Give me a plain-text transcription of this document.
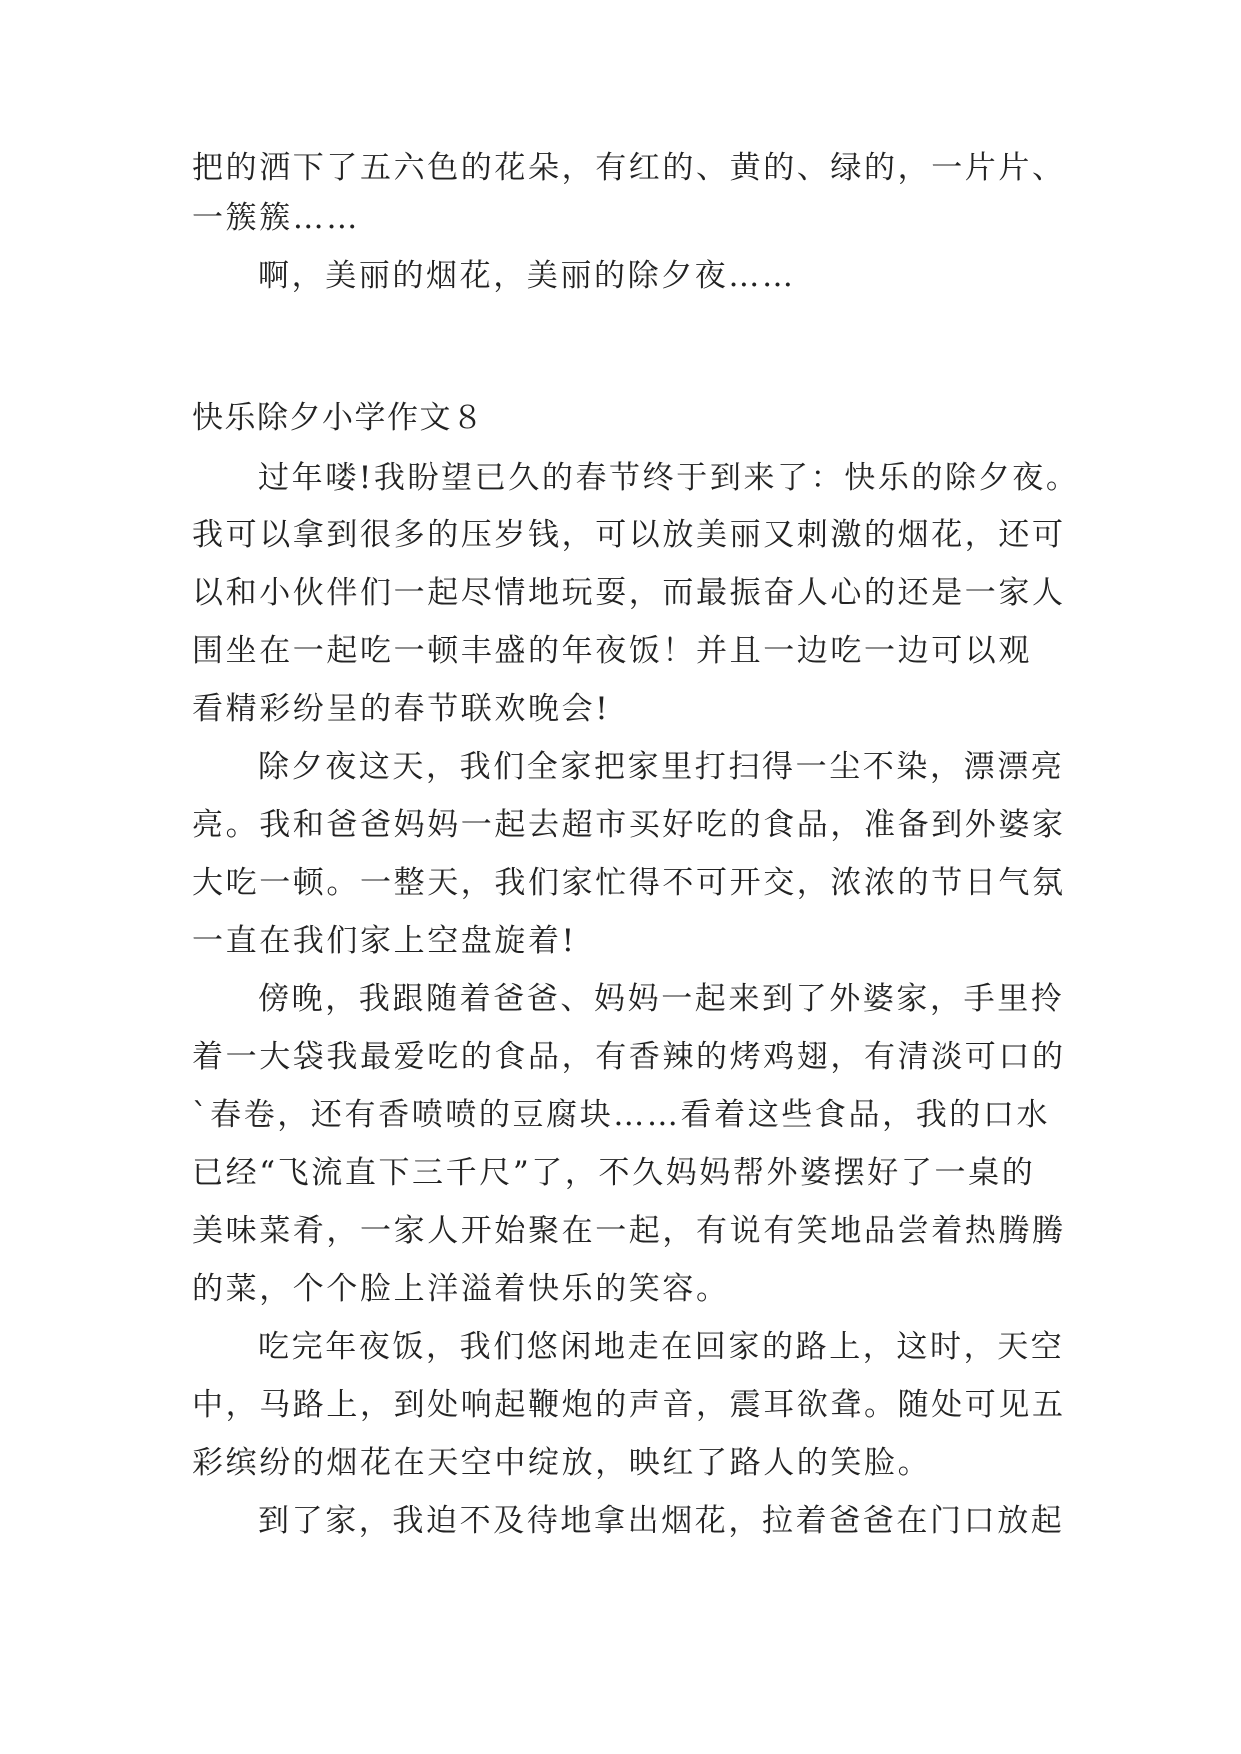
把的洒下了五六色的花朵，有红的、黄的、绿的，一片片、
一簇簇……
啊，美丽的烟花，美丽的除夕夜……
快乐除夕小学作文８
过年喽!我盼望已久的春节终于到来了：快乐的除夕夜。
我可以拿到很多的压岁钱，可以放美丽又刺激的烟花，还可
以和小伙伴们一起尽情地玩耍，而最振奋人心的还是一家人
围坐在一起吃一顿丰盛的年夜饭！并且一边吃一边可以观
看精彩纷呈的春节联欢晚会!
除夕夜这天，我们全家把家里打扫得一尘不染，漂漂亮
亮。我和爸爸妈妈一起去超市买好吃的食品，准备到外婆家
大吃一顿。一整天，我们家忙得不可开交，浓浓的节日气氛
一直在我们家上空盘旋着!
傍晚，我跟随着爸爸、妈妈一起来到了外婆家，手里拎
着一大袋我最爱吃的食品，有香辣的烤鸡翅，有清淡可口的
`春卷，还有香喷喷的豆腐块……看着这些食品，我的口水
已经“飞流直下三千尺”了，不久妈妈帮外婆摆好了一桌的
美味菜肴，一家人开始聚在一起，有说有笑地品尝着热腾腾
的菜，个个脸上洋溢着快乐的笑容。
吃完年夜饭，我们悠闲地走在回家的路上，这时，天空
中，马路上，到处响起鞭炮的声音，震耳欲聋。随处可见五
彩缤纷的烟花在天空中绽放，映红了路人的笑脸。
到了家，我迫不及待地拿出烟花，拉着爸爸在门口放起
